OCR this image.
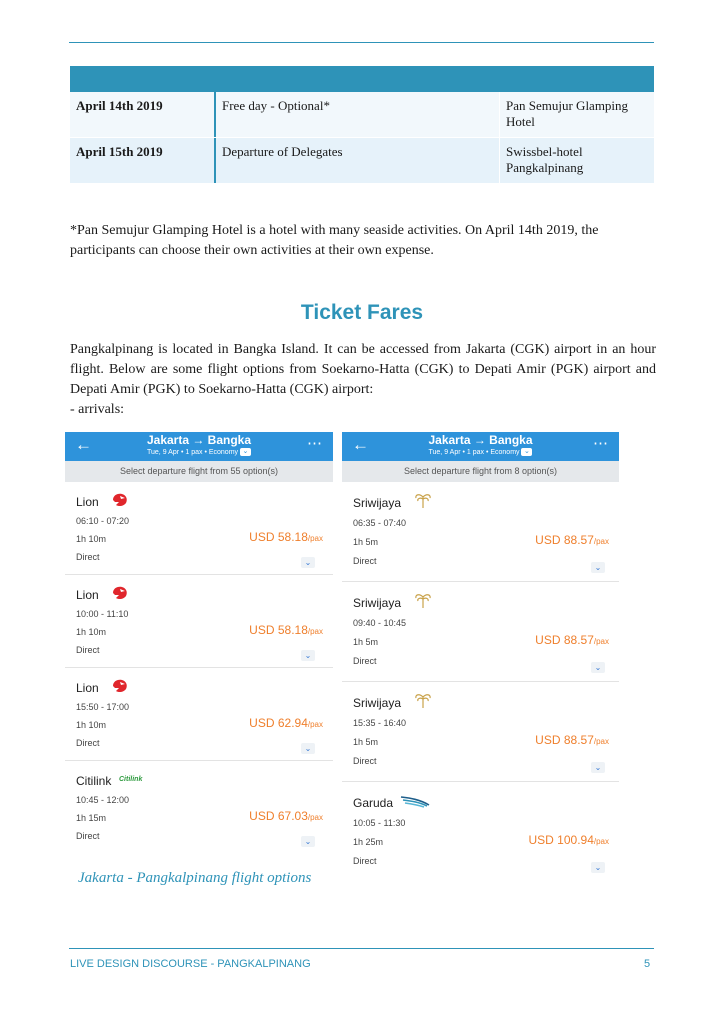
April 14th 2019	Free day - Optional*	Pan Semujur Glamping Hotel
April 15th 2019	Departure of Delegates	Swissbel-hotel Pangkalpinang
*Pan Semujur Glamping Hotel is a hotel with many seaside activities. On April 14th 2019, the participants can choose their own activities at their own expense.
Ticket Fares

Pangkalpinang is located in Bangka Island. It can be accessed from Jakarta (CGK) airport in an hour flight. Below are some flight options from Soekarno-Hatta (CGK) to Depati Amir (PGK) airport and Depati Amir (PGK) to Soekarno-Hatta (CGK) airport:

- arrivals:

←	Jakarta → Bangka
Tue, 9 Apr • 1 pax • Economy ⌄	⋯
Select departure flight from 55 option(s)
Lion
06:10 - 07:20
1h 10m
Direct
USD 58.18/pax
⌄
Lion
10:00 - 11:10
1h 10m
Direct
USD 58.18/pax
⌄
Lion
15:50 - 17:00
1h 10m
Direct
USD 62.94/pax
⌄
Citilink Citilink
10:45 - 12:00
1h 15m
Direct
USD 67.03/pax
⌄
←	Jakarta → Bangka
Tue, 9 Apr • 1 pax • Economy ⌄	⋯
Select departure flight from 8 option(s)
Sriwijaya
06:35 - 07:40
1h 5m
Direct
USD 88.57/pax
⌄
Sriwijaya
09:40 - 10:45
1h 5m
Direct
USD 88.57/pax
⌄
Sriwijaya
15:35 - 16:40
1h 5m
Direct
USD 88.57/pax
⌄
Garuda
10:05 - 11:30
1h 25m
Direct
USD 100.94/pax
⌄
Jakarta - Pangkalpinang flight options
LIVE DESIGN DISCOURSE - PANGKALPINANG	5
